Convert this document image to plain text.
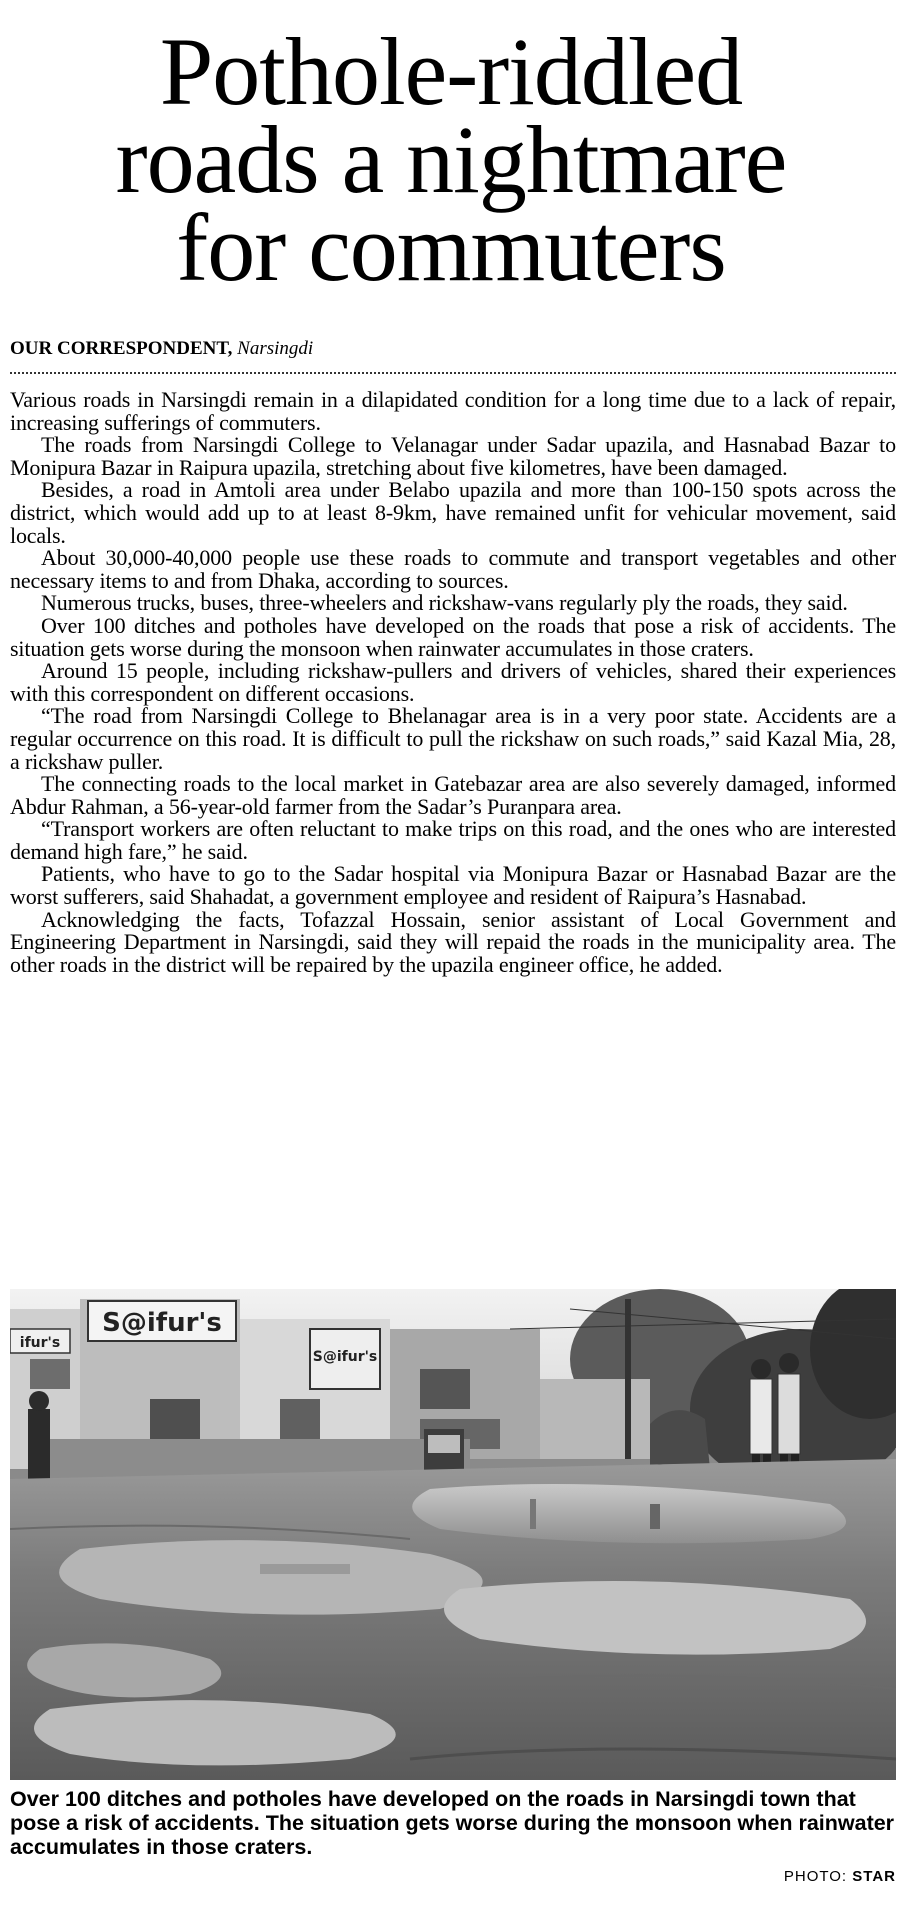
Pothole-riddled
roads a nightmare
for commuters
OUR CORRESPONDENT, Narsingdi

Various roads in Narsingdi remain in a dilapidated condition for a long time due to a lack of repair, increasing sufferings of commuters.

The roads from Narsingdi College to Velanagar under Sadar upazila, and Hasnabad Bazar to Monipura Bazar in Raipura upazila, stretching about five kilometres, have been damaged.

Besides, a road in Amtoli area under Belabo upazila and more than 100-150 spots across the district, which would add up to at least 8-9km, have remained unfit for vehicular movement, said locals.

About 30,000-40,000 people use these roads to commute and transport vegetables and other necessary items to and from Dhaka, according to sources.

Numerous trucks, buses, three-wheelers and rickshaw-vans regularly ply the roads, they said.

Over 100 ditches and potholes have developed on the roads that pose a risk of accidents. The situation gets worse during the monsoon when rainwater accumulates in those craters.

Around 15 people, including rickshaw-pullers and drivers of vehicles, shared their experiences with this correspondent on different occasions.

“The road from Narsingdi College to Bhelanagar area is in a very poor state. Accidents are a regular occurrence on this road. It is difficult to pull the rickshaw on such roads,” said Kazal Mia, 28, a rickshaw puller.

The connecting roads to the local market in Gatebazar area are also severely damaged, informed Abdur Rahman, a 56-year-old farmer from the Sadar’s Puranpara area.

“Transport workers are often reluctant to make trips on this road, and the ones who are interested demand high fare,” he said.

Patients, who have to go to the Sadar hospital via Monipura Bazar or Hasnabad Bazar are the worst sufferers, said Shahadat, a government employee and resident of Raipura’s Hasnabad.

Acknowledging the facts, Tofazzal Hossain, senior assistant of Local Government and Engineering Department in Narsingdi, said they will repaid the roads in the municipality area. The other roads in the district will be repaired by the upazila engineer office, he added.

S@ifur's
S@ifur's
ifur's
Over 100 ditches and potholes have developed on the roads in Narsingdi town that pose a risk of accidents. The situation gets worse during the monsoon when rainwater accumulates in those craters.
PHOTO: STAR
